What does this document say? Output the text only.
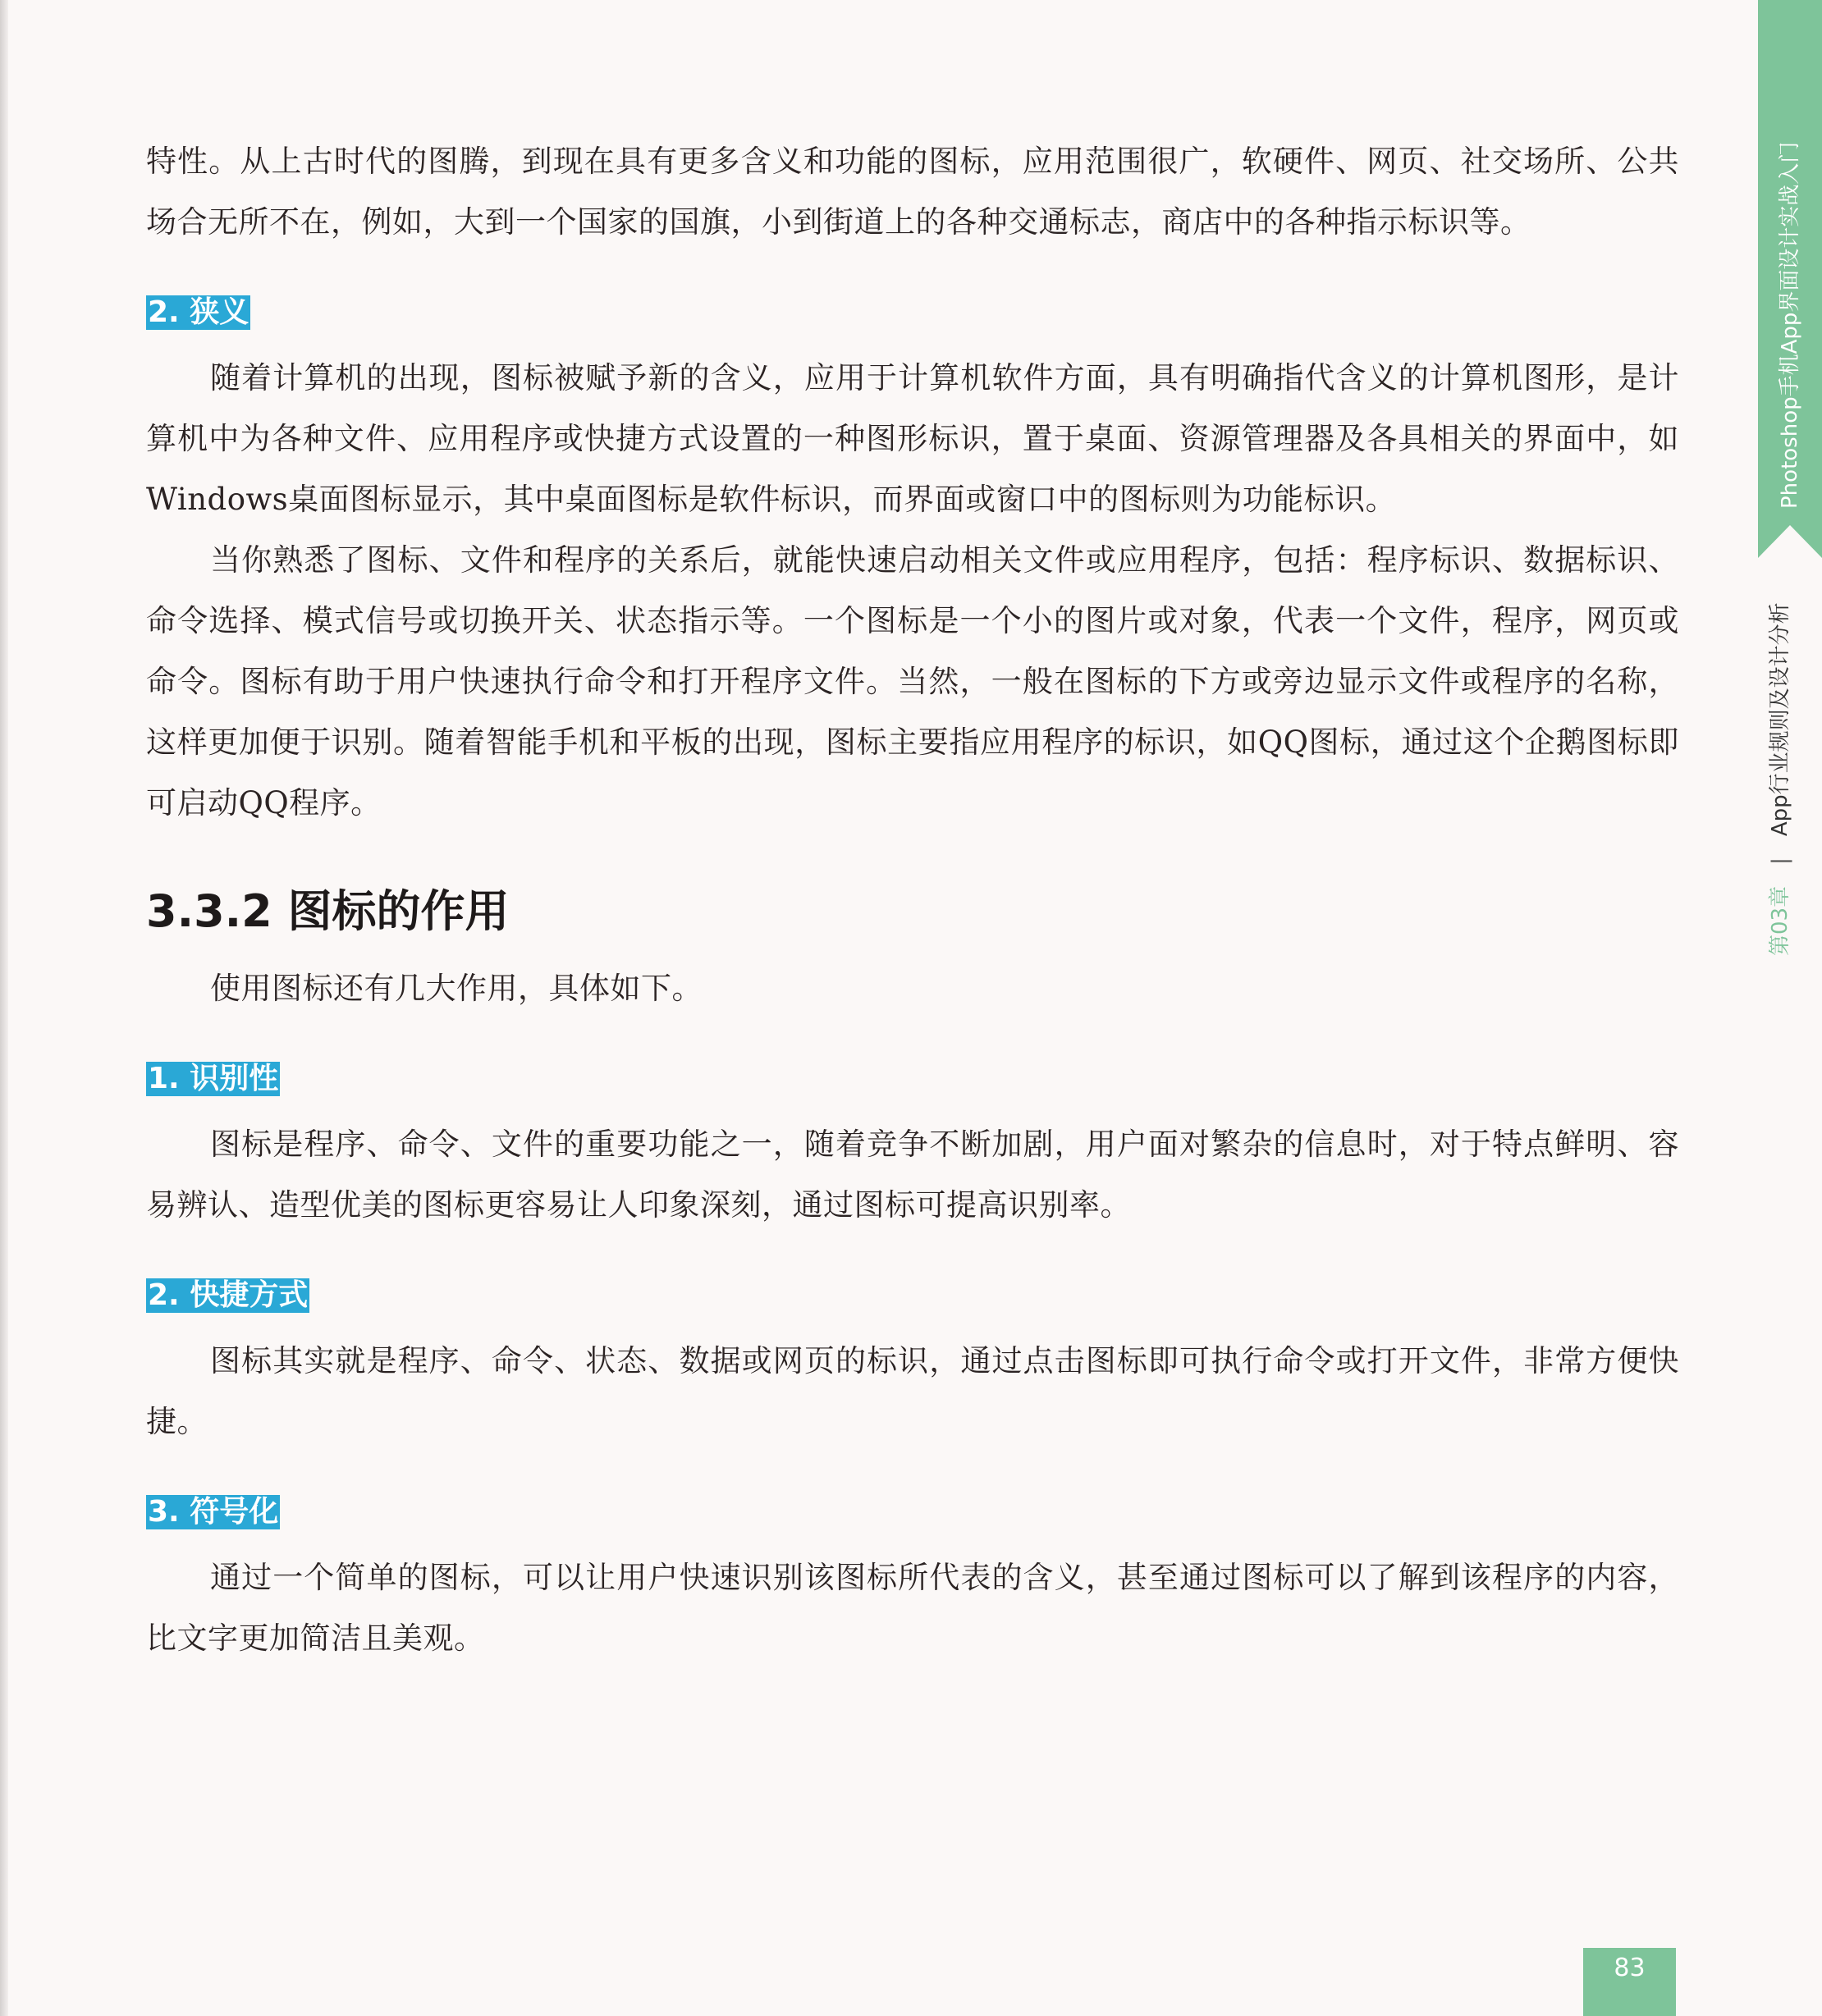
特性。从上古时代的图腾，到现在具有更多含义和功能的图标，应用范围很广，软硬件、网页、社交场所、公共场合无所不在，例如，大到一个国家的国旗，小到街道上的各种交通标志，商店中的各种指示标识等。

2. 狭义

随着计算机的出现，图标被赋予新的含义，应用于计算机软件方面，具有明确指代含义的计算机图形，是计算机中为各种文件、应用程序或快捷方式设置的一种图形标识，置于桌面、资源管理器及各具相关的界面中，如Windows桌面图标显示，其中桌面图标是软件标识，而界面或窗口中的图标则为功能标识。

当你熟悉了图标、文件和程序的关系后，就能快速启动相关文件或应用程序，包括：程序标识、数据标识、命令选择、模式信号或切换开关、状态指示等。一个图标是一个小的图片或对象，代表一个文件，程序，网页或命令。图标有助于用户快速执行命令和打开程序文件。当然，一般在图标的下方或旁边显示文件或程序的名称，这样更加便于识别。随着智能手机和平板的出现，图标主要指应用程序的标识，如QQ图标，通过这个企鹅图标即可启动QQ程序。

3.3.2 图标的作用

使用图标还有几大作用，具体如下。

1. 识别性

图标是程序、命令、文件的重要功能之一，随着竞争不断加剧，用户面对繁杂的信息时，对于特点鲜明、容易辨认、造型优美的图标更容易让人印象深刻，通过图标可提高识别率。

2. 快捷方式

图标其实就是程序、命令、状态、数据或网页的标识，通过点击图标即可执行命令或打开文件，非常方便快捷。

3. 符号化

通过一个简单的图标，可以让用户快速识别该图标所代表的含义，甚至通过图标可以了解到该程序的内容，比文字更加简洁且美观。

Photoshop手机App界面设计实战入门
第03章|App行业规则及设计分析
83
